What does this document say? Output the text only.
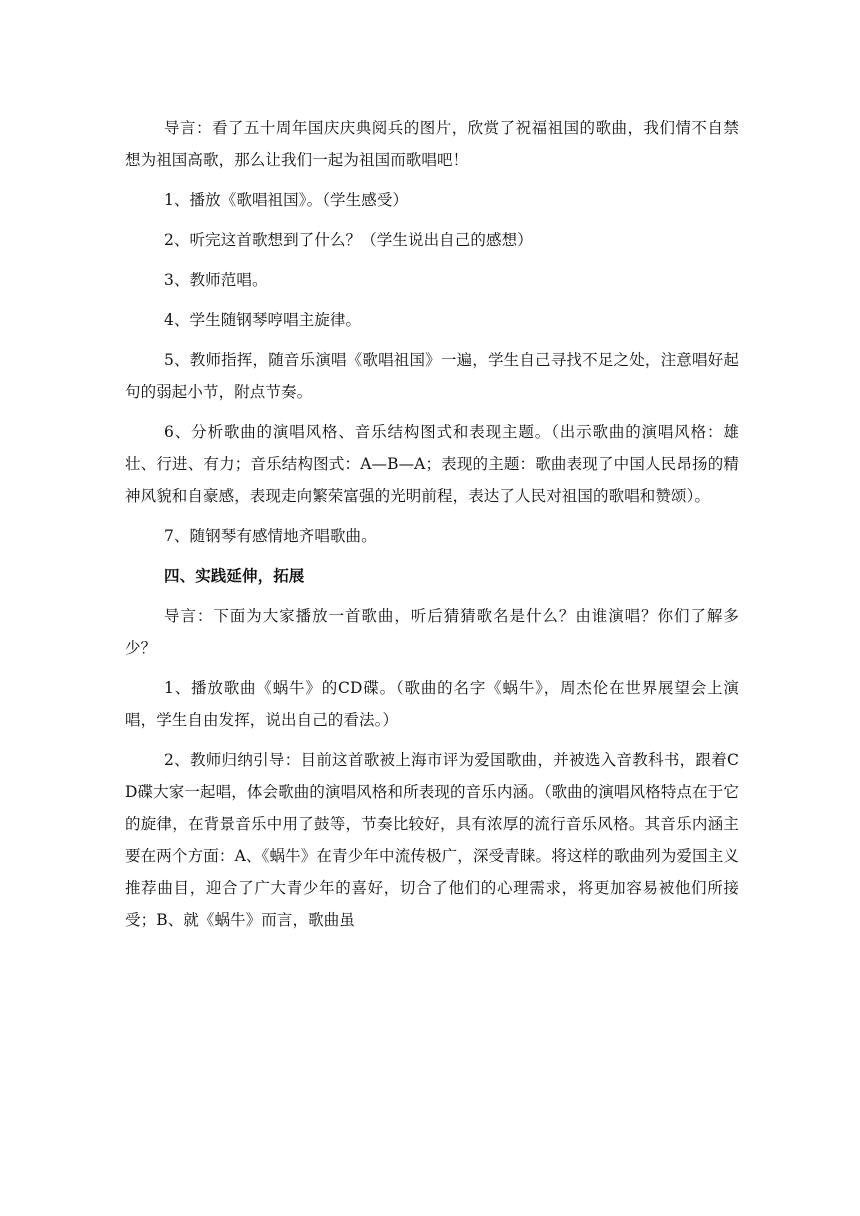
导言：看了五十周年国庆庆典阅兵的图片，欣赏了祝福祖国的歌曲，我们情不自禁想为祖国高歌，那么让我们一起为祖国而歌唱吧！

1、播放《歌唱祖国》。（学生感受）

2、听完这首歌想到了什么？（学生说出自己的感想）

3、教师范唱。

4、学生随钢琴哼唱主旋律。

5、教师指挥，随音乐演唱《歌唱祖国》一遍，学生自己寻找不足之处，注意唱好起句的弱起小节，附点节奏。

6、分析歌曲的演唱风格、音乐结构图式和表现主题。（出示歌曲的演唱风格：雄壮、行进、有力；音乐结构图式：A—B—A；表现的主题：歌曲表现了中国人民昂扬的精神风貌和自豪感，表现走向繁荣富强的光明前程，表达了人民对祖国的歌唱和赞颂）。

7、随钢琴有感情地齐唱歌曲。

四、实践延伸，拓展

导言：下面为大家播放一首歌曲，听后猜猜歌名是什么？由谁演唱？你们了解多少？

1、播放歌曲《蜗牛》的CD碟。（歌曲的名字《蜗牛》，周杰伦在世界展望会上演唱，学生自由发挥，说出自己的看法。）

2、教师归纳引导：目前这首歌被上海市评为爱国歌曲，并被选入音教科书，跟着CD碟大家一起唱，体会歌曲的演唱风格和所表现的音乐内涵。（歌曲的演唱风格特点在于它的旋律，在背景音乐中用了鼓等，节奏比较好，具有浓厚的流行音乐风格。其音乐内涵主要在两个方面：A、《蜗牛》在青少年中流传极广，深受青睐。将这样的歌曲列为爱国主义推荐曲目，迎合了广大青少年的喜好，切合了他们的心理需求，将更加容易被他们所接受；B、就《蜗牛》而言，歌曲虽
